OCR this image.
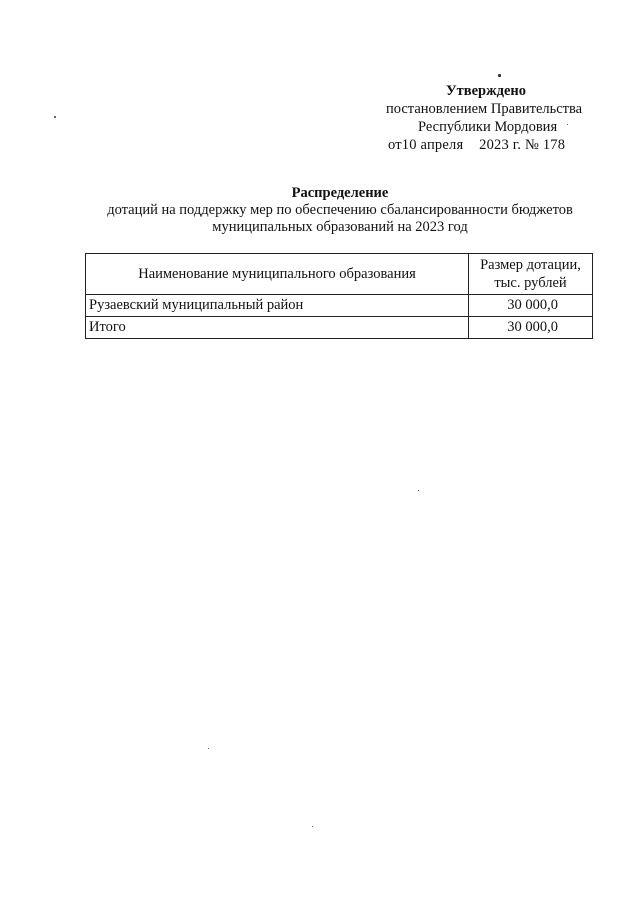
Утверждено
постановлением Правительства
Республики Мордовия
от10 апреля 2023 г. № 178
Распределение
дотаций на поддержку мер по обеспечению сбалансированности бюджетов
муниципальных образований на 2023 год
Наименование муниципального образования	Размер дотации,
тыс. рублей

Рузаевский муниципальный район	30 000,0
Итого	30 000,0
